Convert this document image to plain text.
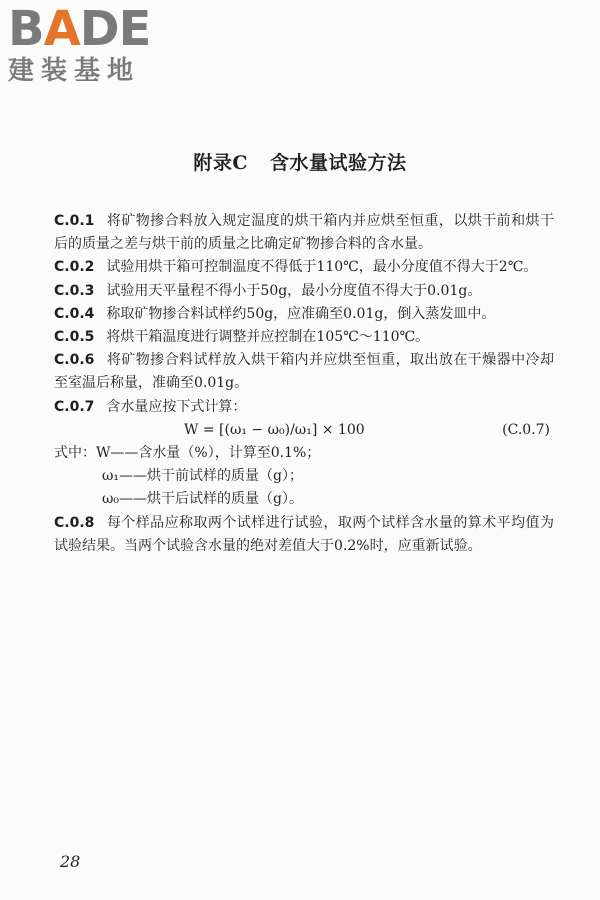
BADE
建装基地
附录C 含水量试验方法

C.0.1 将矿物掺合料放入规定温度的烘干箱内并应烘至恒重，以烘干前和烘干后的质量之差与烘干前的质量之比确定矿物掺合料的含水量。

C.0.2 试验用烘干箱可控制温度不得低于110℃，最小分度值不得大于2℃。

C.0.3 试验用天平量程不得小于50g，最小分度值不得大于0.01g。

C.0.4 称取矿物掺合料试样约50g，应准确至0.01g，倒入蒸发皿中。

C.0.5 将烘干箱温度进行调整并应控制在105℃～110℃。

C.0.6 将矿物掺合料试样放入烘干箱内并应烘至恒重，取出放在干燥器中冷却至室温后称量，准确至0.01g。

C.0.7 含水量应按下式计算：

W = [(ω₁ − ω₀)/ω₁] × 100	(C.0.7)
式中：W——含水量（%），计算至0.1%；
ω₁——烘干前试样的质量（g）；
ω₀——烘干后试样的质量（g）。

C.0.8 每个样品应称取两个试样进行试验，取两个试样含水量的算术平均值为试验结果。当两个试验含水量的绝对差值大于0.2%时，应重新试验。

28
